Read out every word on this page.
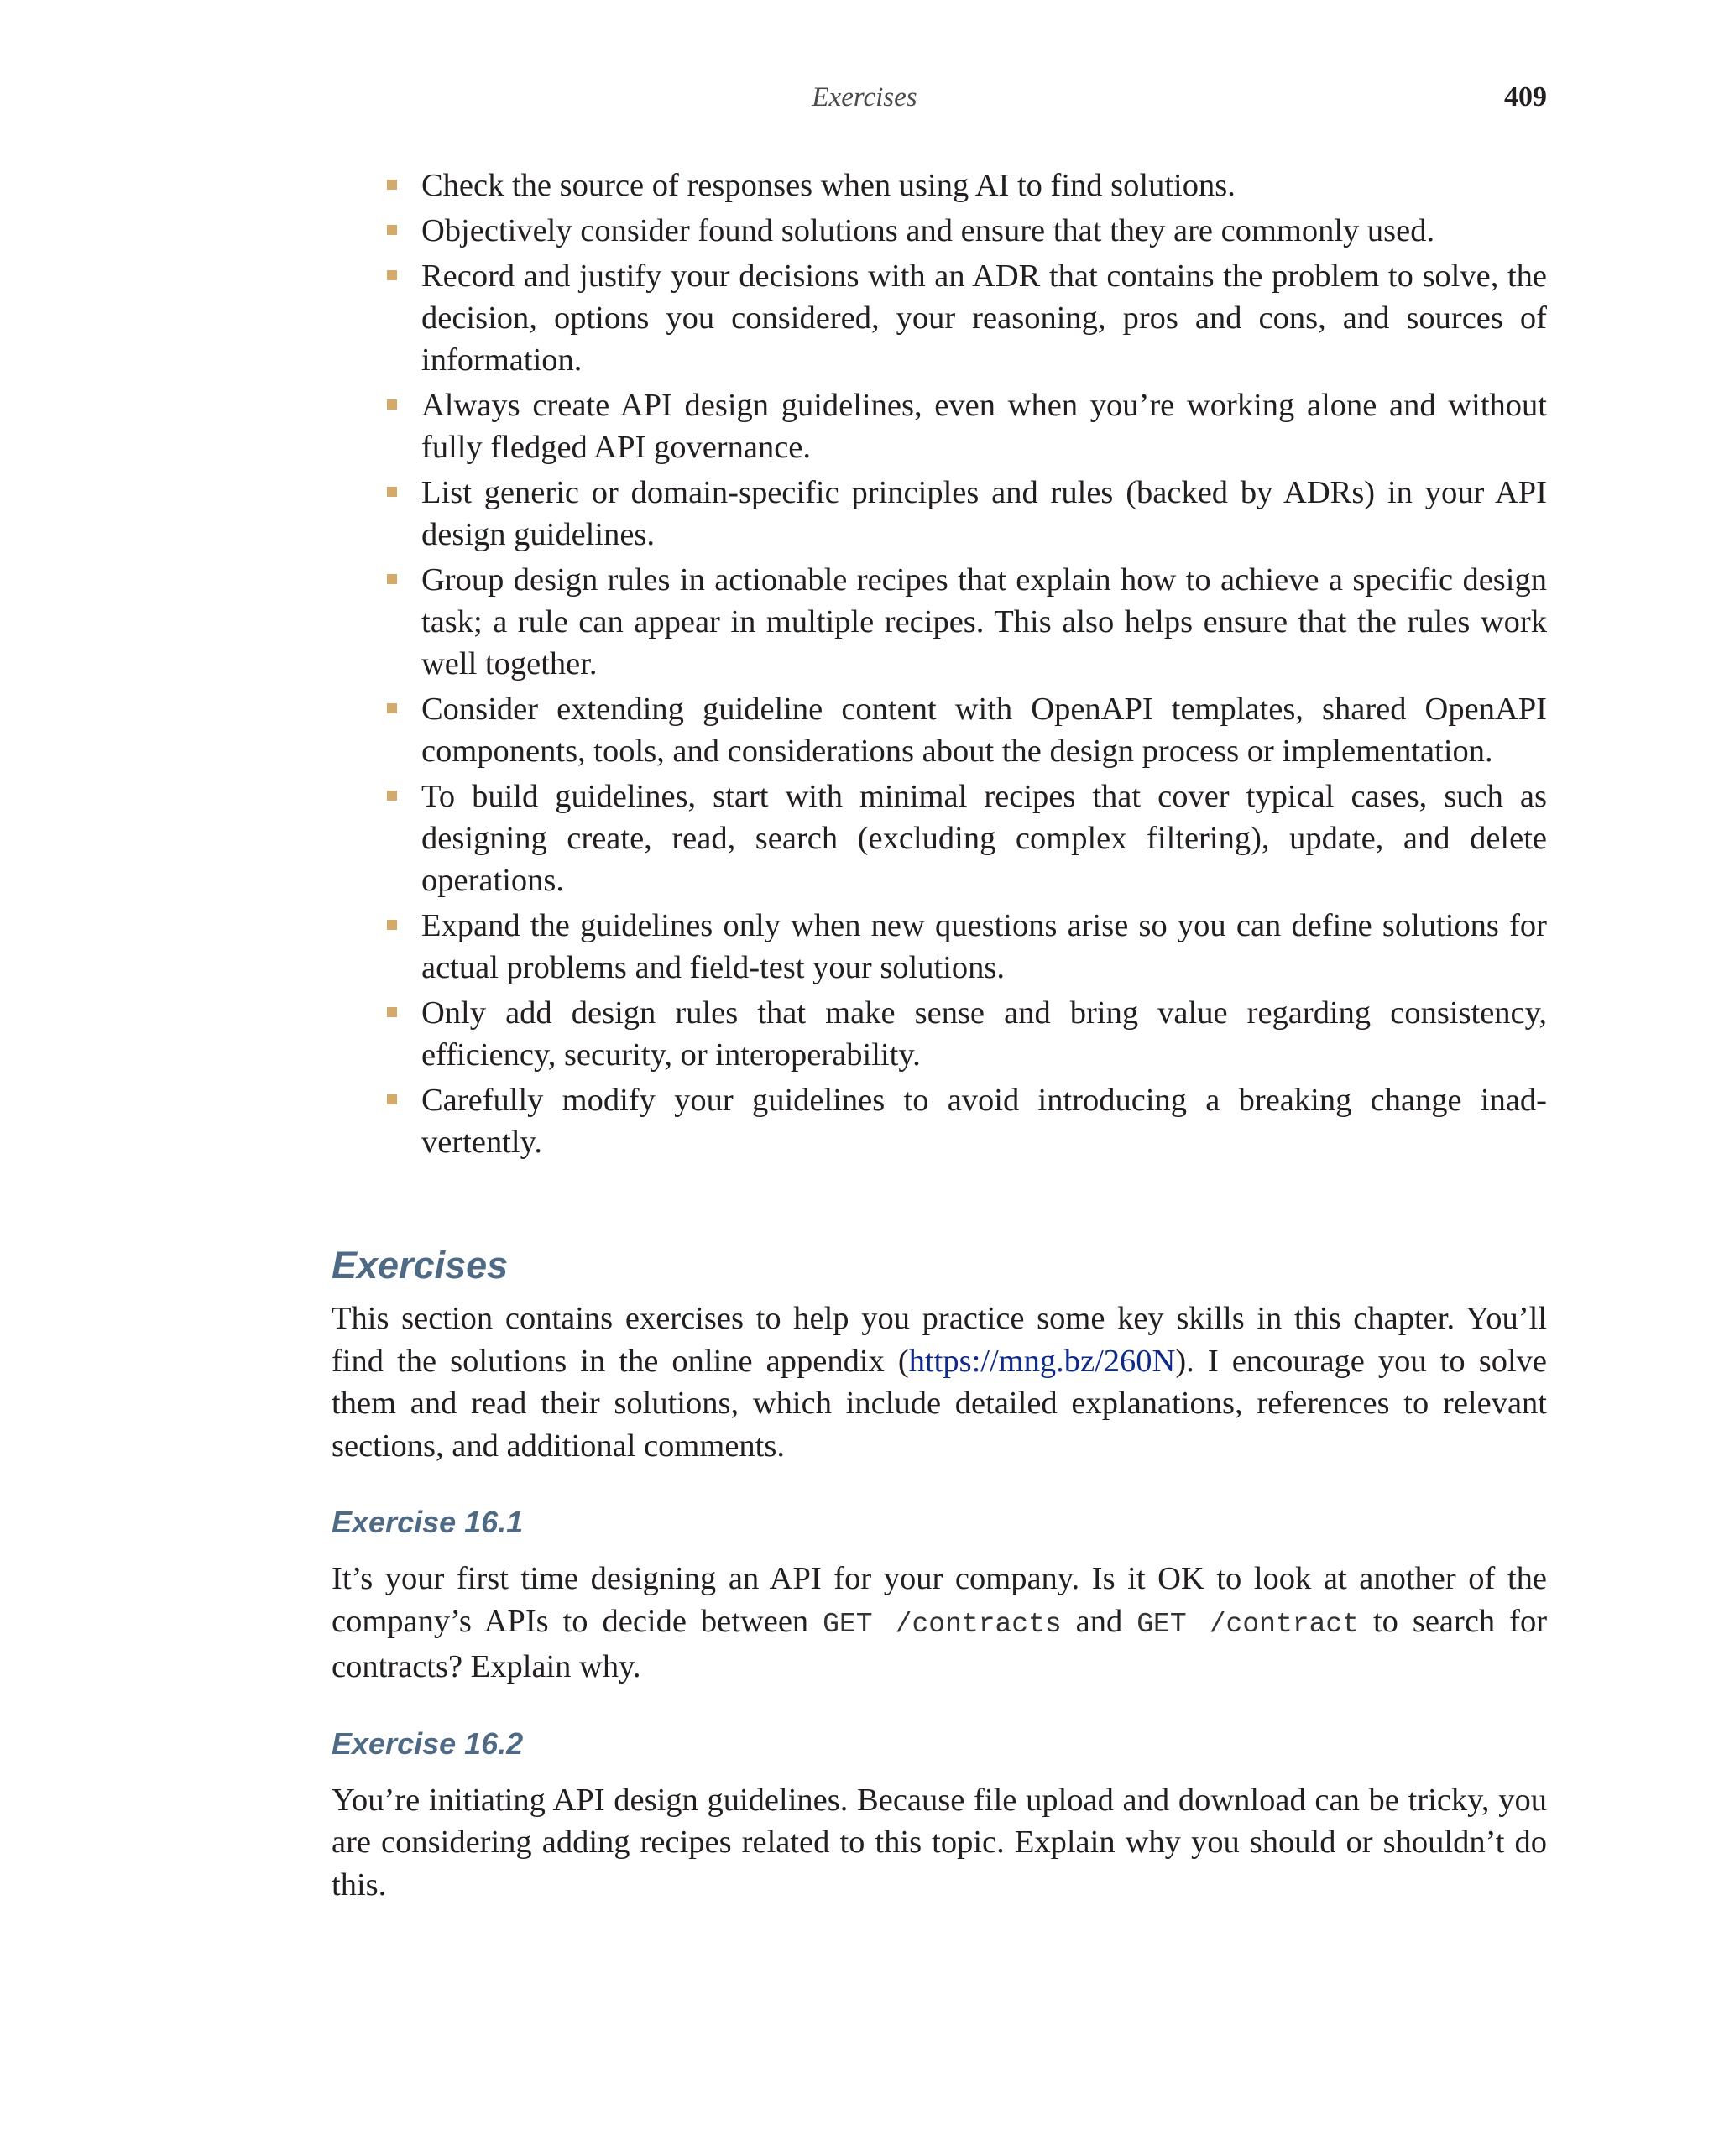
Exercises	409
Check the source of responses when using AI to find solutions.
Objectively consider found solutions and ensure that they are commonly used.
Record and justify your decisions with an ADR that contains the problem to solve, the decision, options you considered, your reasoning, pros and cons, and sources of information.
Always create API design guidelines, even when you’re working alone and without fully fledged API governance.
List generic or domain-specific principles and rules (backed by ADRs) in your API design guidelines.
Group design rules in actionable recipes that explain how to achieve a specific design task; a rule can appear in multiple recipes. This also helps ensure that the rules work well together.
Consider extending guideline content with OpenAPI templates, shared OpenAPI components, tools, and considerations about the design process or implementation.
To build guidelines, start with minimal recipes that cover typical cases, such as designing create, read, search (excluding complex filtering), update, and delete operations.
Expand the guidelines only when new questions arise so you can define solutions for actual problems and field-test your solutions.
Only add design rules that make sense and bring value regarding consistency, efficiency, security, or interoperability.
Carefully modify your guidelines to avoid introducing a breaking change inadvertently.
Exercises

This section contains exercises to help you practice some key skills in this chapter. You’ll find the solutions in the online appendix (https://mng.bz/260N). I encourage you to solve them and read their solutions, which include detailed explanations, references to relevant sections, and additional comments.

Exercise 16.1

It’s your first time designing an API for your company. Is it OK to look at another of the company’s APIs to decide between GET /contracts and GET /contract to search for contracts? Explain why.

Exercise 16.2

You’re initiating API design guidelines. Because file upload and download can be tricky, you are considering adding recipes related to this topic. Explain why you should or shouldn’t do this.
